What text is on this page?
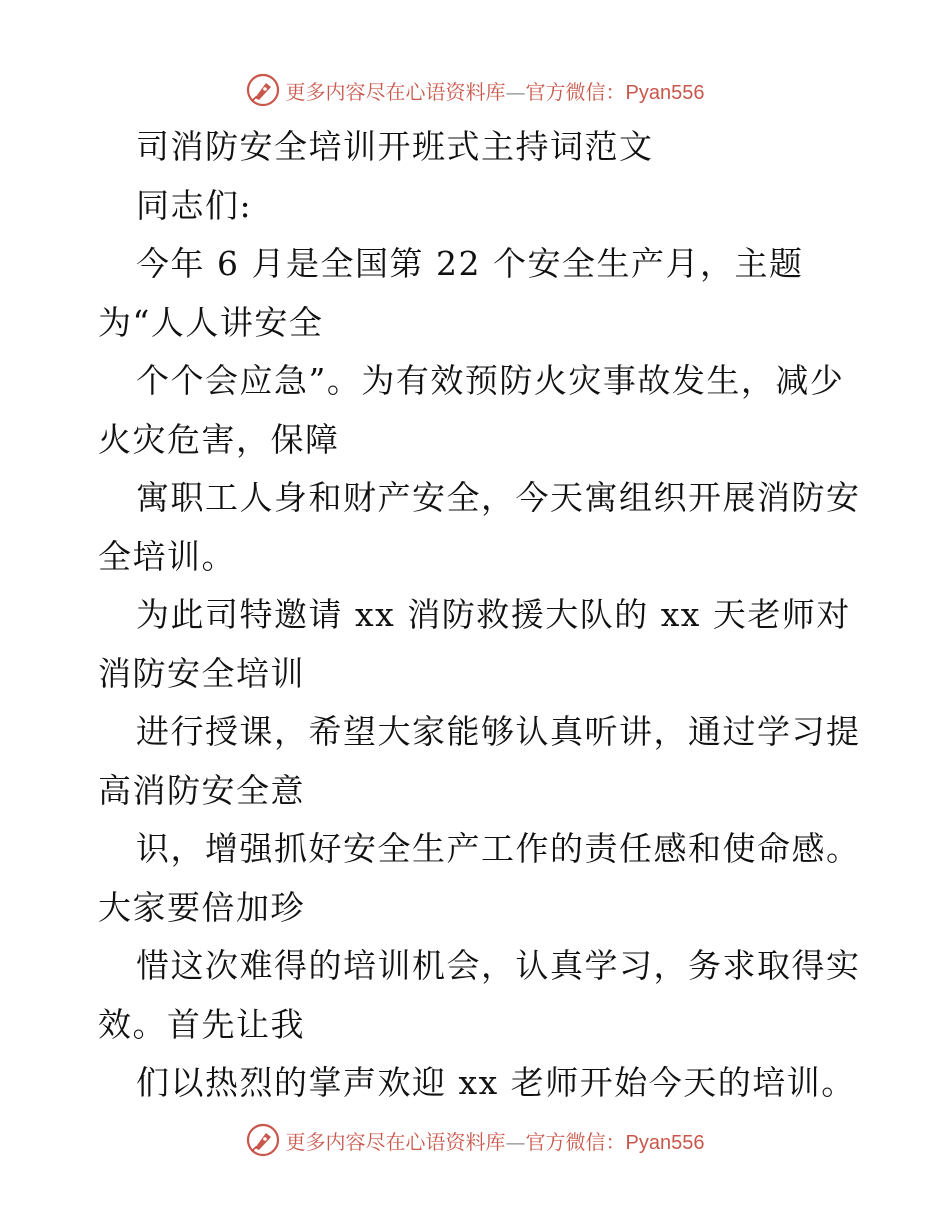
更多内容尽在心语资料库—官方微信：Pyan556
司消防安全培训开班式主持词范文
同志们:
今年 6 月是全国第 22 个安全生产月，主题
为“人人讲安全
个个会应急”。为有效预防火灾事故发生，减少
火灾危害，保障
寓职工人身和财产安全，今天寓组织开展消防安
全培训。
为此司特邀请 xx 消防救援大队的 xx 天老师对
消防安全培训
进行授课，希望大家能够认真听讲，通过学习提
高消防安全意
识，增强抓好安全生产工作的责任感和使命感。
大家要倍加珍
惜这次难得的培训机会，认真学习，务求取得实
效。首先让我
们以热烈的掌声欢迎 xx 老师开始今天的培训。
更多内容尽在心语资料库—官方微信：Pyan556
